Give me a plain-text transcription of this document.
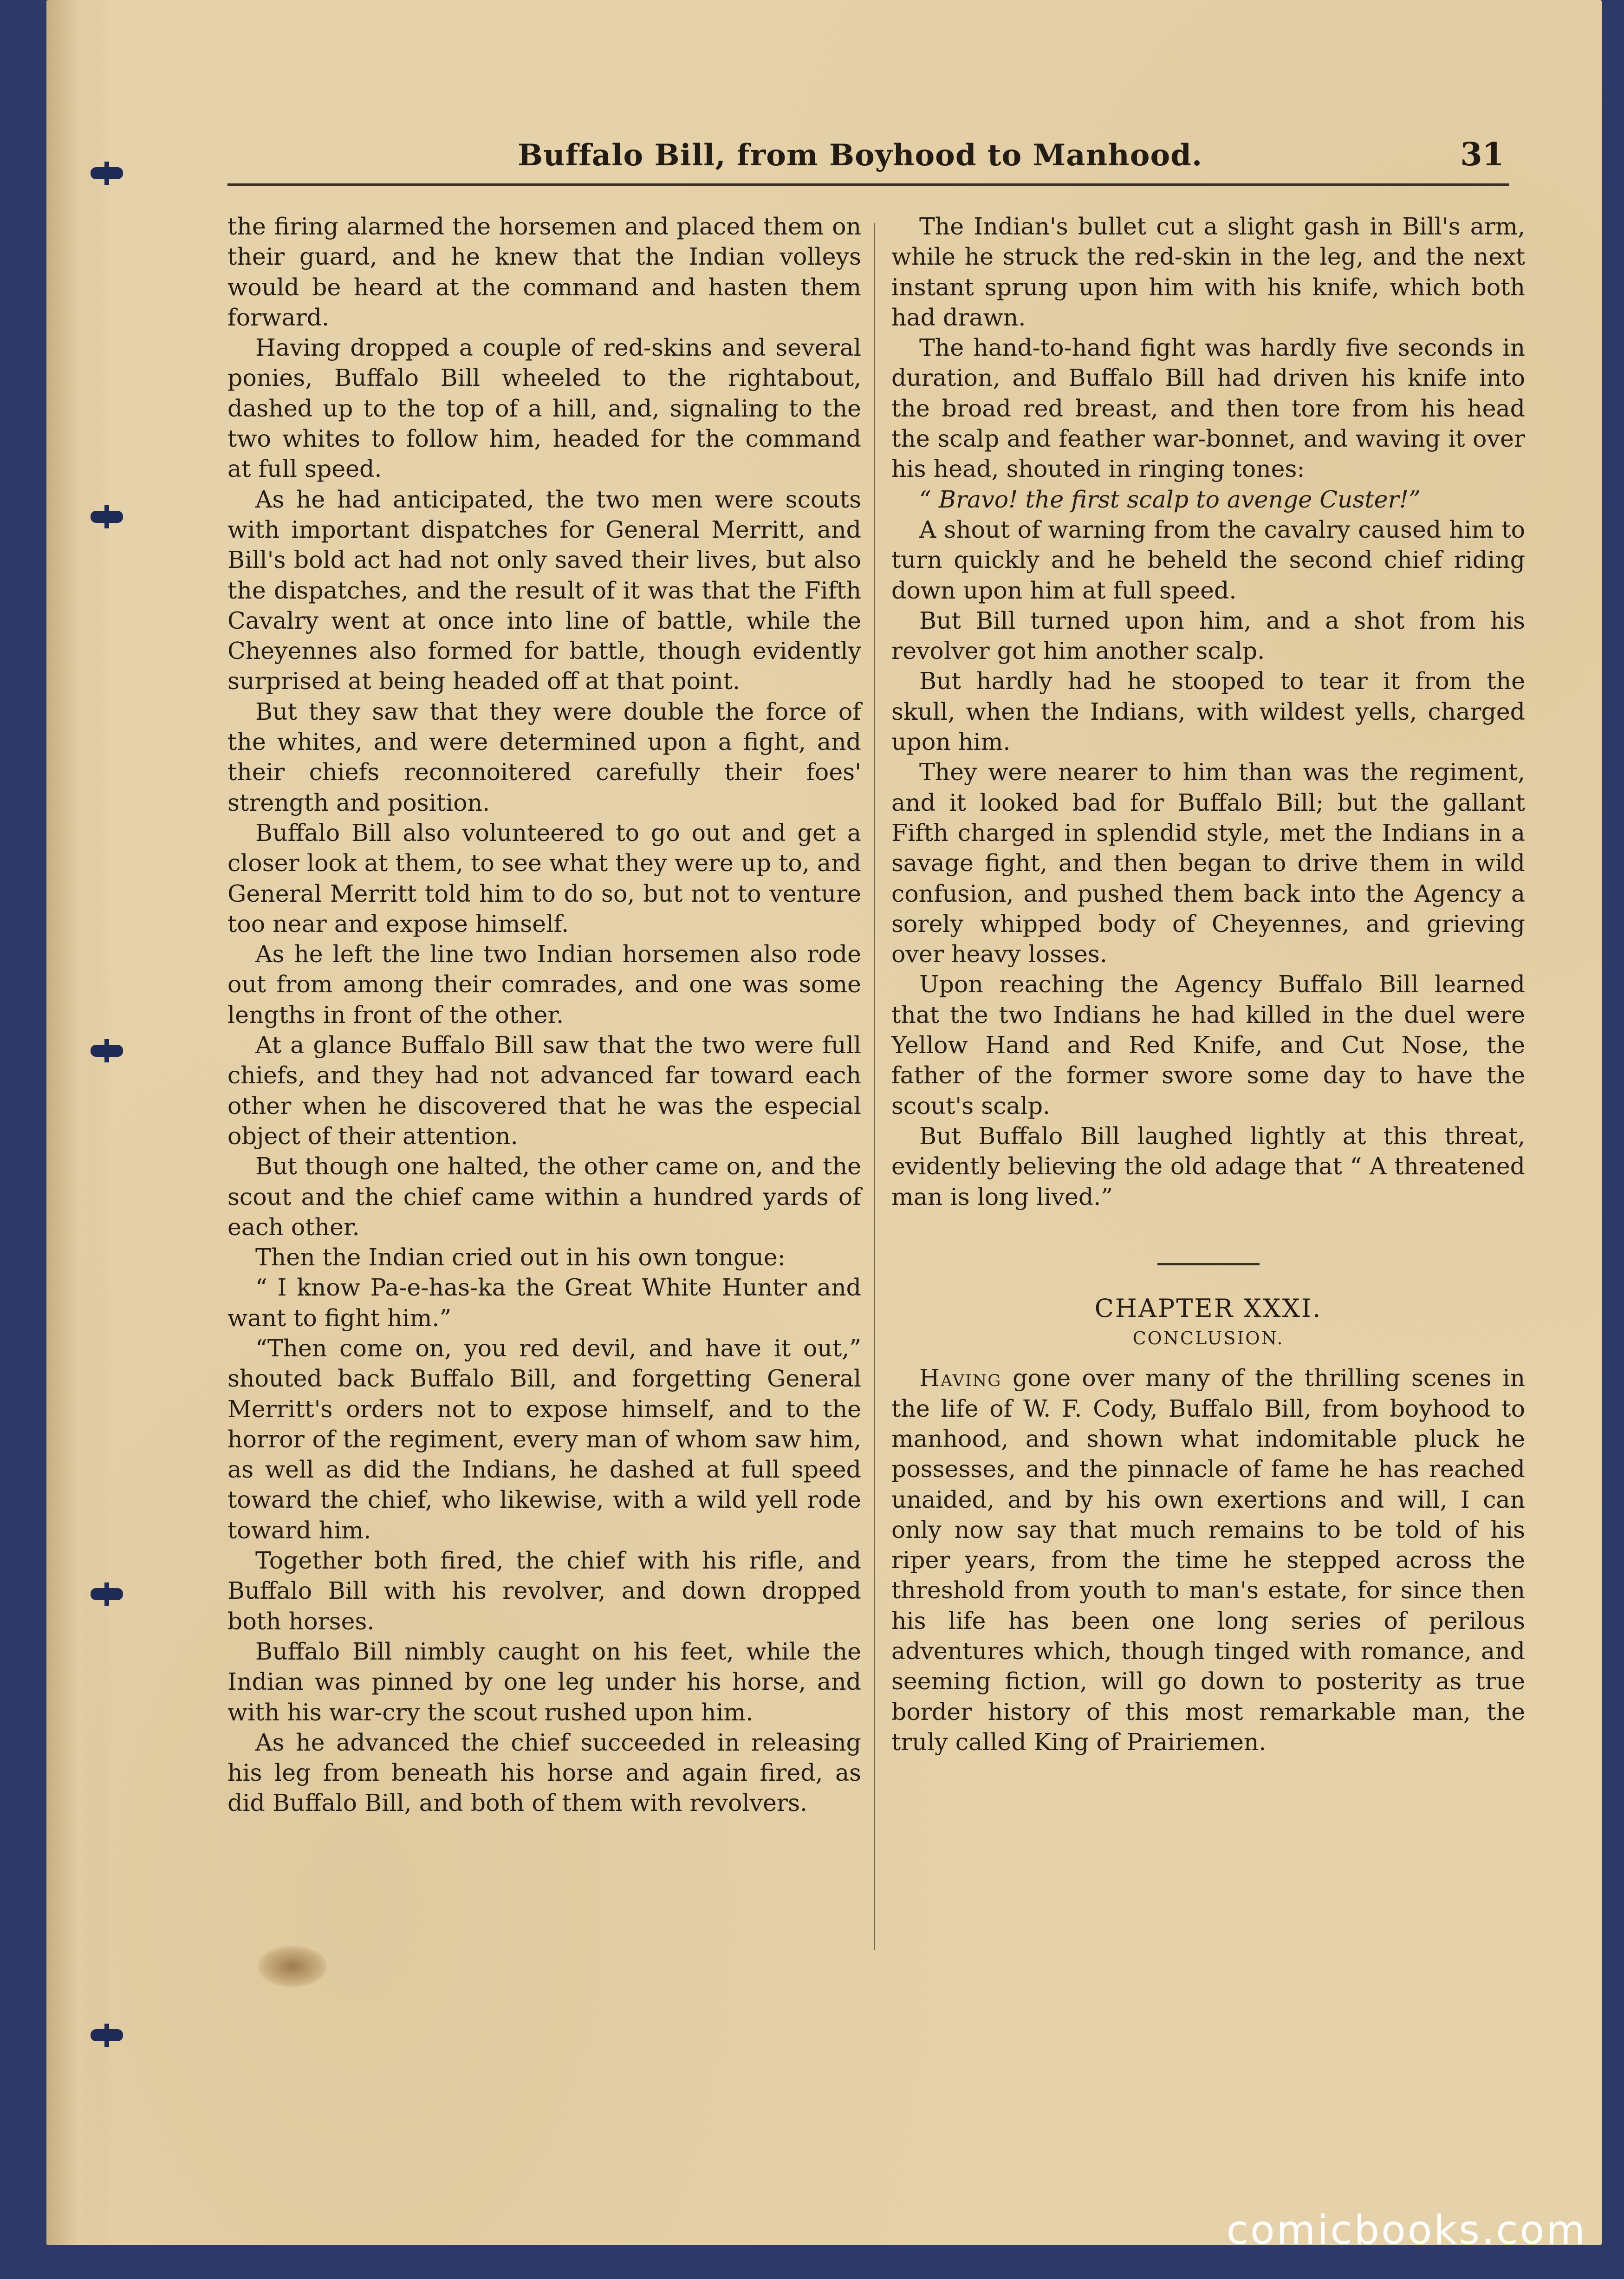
Buffalo Bill, from Boyhood to Manhood.	31

the firing alarmed the horsemen and placed them on their guard, and he knew that the Indian volleys would be heard at the command and hasten them forward.

Having dropped a couple of red-skins and several ponies, Buffalo Bill wheeled to the rightabout, dashed up to the top of a hill, and, signaling to the two whites to follow him, headed for the command at full speed.

As he had anticipated, the two men were scouts with important dispatches for General Merritt, and Bill's bold act had not only saved their lives, but also the dispatches, and the result of it was that the Fifth Cavalry went at once into line of battle, while the Cheyennes also formed for battle, though evidently surprised at being headed off at that point.

But they saw that they were double the force of the whites, and were determined upon a fight, and their chiefs reconnoitered carefully their foes' strength and position.

Buffalo Bill also volunteered to go out and get a closer look at them, to see what they were up to, and General Merritt told him to do so, but not to venture too near and expose himself.

As he left the line two Indian horsemen also rode out from among their comrades, and one was some lengths in front of the other.

At a glance Buffalo Bill saw that the two were full chiefs, and they had not advanced far toward each other when he discovered that he was the especial object of their attention.

But though one halted, the other came on, and the scout and the chief came within a hundred yards of each other.

Then the Indian cried out in his own tongue:

“ I know Pa-e-has-ka the Great White Hunter and want to fight him.”

“Then come on, you red devil, and have it out,” shouted back Buffalo Bill, and forgetting General Merritt's orders not to expose himself, and to the horror of the regiment, every man of whom saw him, as well as did the Indians, he dashed at full speed toward the chief, who likewise, with a wild yell rode toward him.

Together both fired, the chief with his rifle, and Buffalo Bill with his revolver, and down dropped both horses.

Buffalo Bill nimbly caught on his feet, while the Indian was pinned by one leg under his horse, and with his war-cry the scout rushed upon him.

As he advanced the chief succeeded in releasing his leg from beneath his horse and again fired, as did Buffalo Bill, and both of them with revolvers.

The Indian's bullet cut a slight gash in Bill's arm, while he struck the red-skin in the leg, and the next instant sprung upon him with his knife, which both had drawn.

The hand-to-hand fight was hardly five seconds in duration, and Buffalo Bill had driven his knife into the broad red breast, and then tore from his head the scalp and feather war-bonnet, and waving it over his head, shouted in ringing tones:

“ Bravo! the first scalp to avenge Custer!”

A shout of warning from the cavalry caused him to turn quickly and he beheld the second chief riding down upon him at full speed.

But Bill turned upon him, and a shot from his revolver got him another scalp.

But hardly had he stooped to tear it from the skull, when the Indians, with wildest yells, charged upon him.

They were nearer to him than was the regiment, and it looked bad for Buffalo Bill; but the gallant Fifth charged in splendid style, met the Indians in a savage fight, and then began to drive them in wild confusion, and pushed them back into the Agency a sorely whipped body of Cheyennes, and grieving over heavy losses.

Upon reaching the Agency Buffalo Bill learned that the two Indians he had killed in the duel were Yellow Hand and Red Knife, and Cut Nose, the father of the former swore some day to have the scout's scalp.

But Buffalo Bill laughed lightly at this threat, evidently believing the old adage that “ A threatened man is long lived.”

CHAPTER XXXI.

CONCLUSION.

Having gone over many of the thrilling scenes in the life of W. F. Cody, Buffalo Bill, from boyhood to manhood, and shown what indomitable pluck he possesses, and the pinnacle of fame he has reached unaided, and by his own exertions and will, I can only now say that much remains to be told of his riper years, from the time he stepped across the threshold from youth to man's estate, for since then his life has been one long series of perilous adventures which, though tinged with romance, and seeming fiction, will go down to posterity as true border history of this most remarkable man, the truly called King of Prairiemen.

comicbooks.com
